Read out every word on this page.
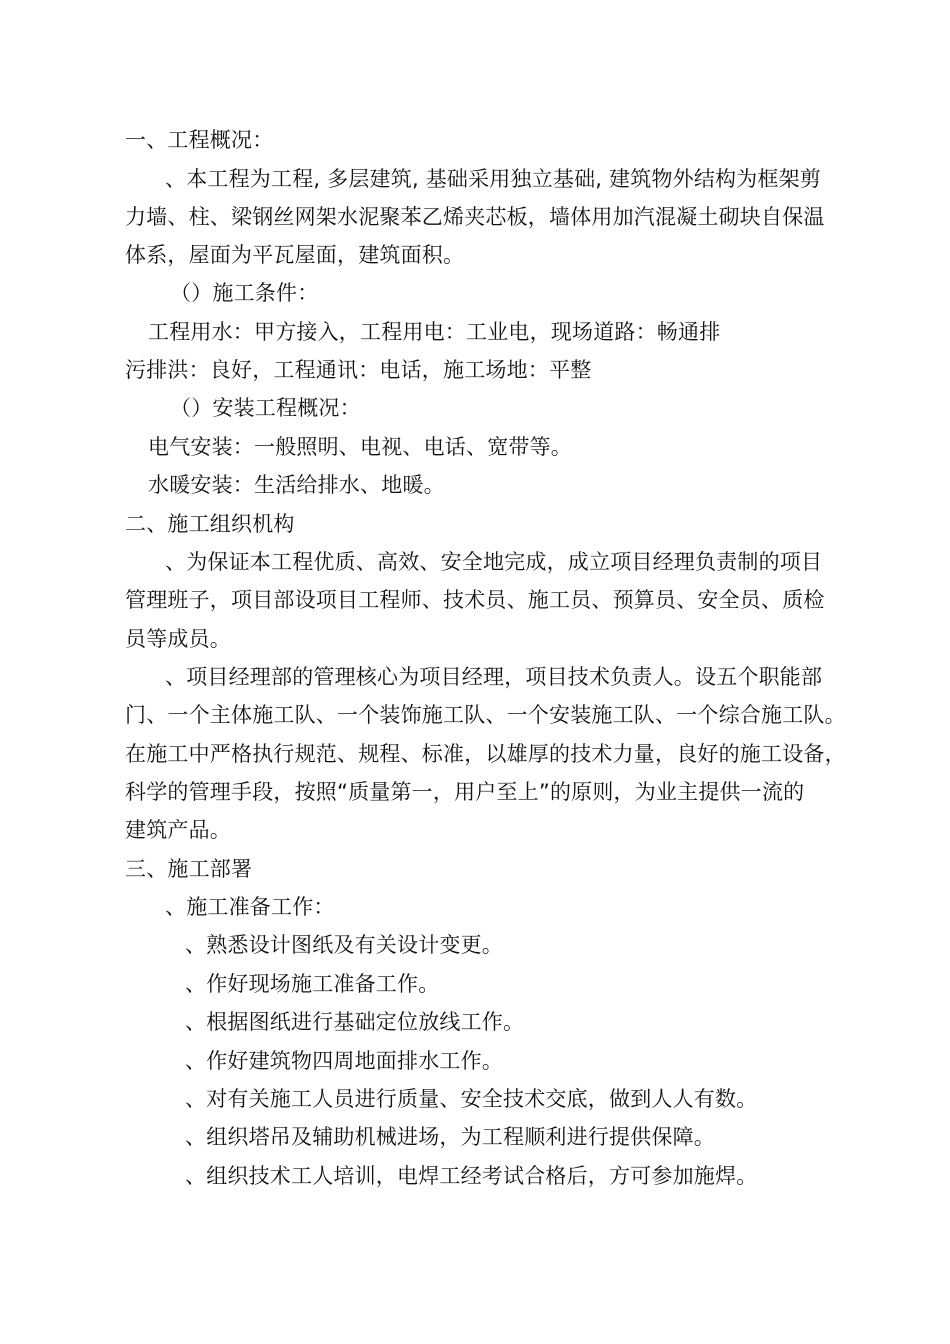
一、工程概况：
、本工程为工程, 多层建筑, 基础采用独立基础, 建筑物外结构为框架剪
力墙、柱、梁钢丝网架水泥聚苯乙烯夹芯板，墙体用加汽混凝土砌块自保温
体系，屋面为平瓦屋面，建筑面积。
（）施工条件：
工程用水：甲方接入，工程用电：工业电，现场道路：畅通排
污排洪：良好，工程通讯：电话，施工场地：平整
（）安装工程概况：
电气安装：一般照明、电视、电话、宽带等。
水暖安装：生活给排水、地暖。
二、施工组织机构
、为保证本工程优质、高效、安全地完成，成立项目经理负责制的项目
管理班子，项目部设项目工程师、技术员、施工员、预算员、安全员、质检
员等成员。
、项目经理部的管理核心为项目经理，项目技术负责人。设五个职能部
门、一个主体施工队、一个装饰施工队、一个安装施工队、一个综合施工队。
在施工中严格执行规范、规程、标准，以雄厚的技术力量，良好的施工设备，
科学的管理手段，按照“质量第一，用户至上”的原则，为业主提供一流的
建筑产品。
三、施工部署
、施工准备工作：
、熟悉设计图纸及有关设计变更。
、作好现场施工准备工作。
、根据图纸进行基础定位放线工作。
、作好建筑物四周地面排水工作。
、对有关施工人员进行质量、安全技术交底，做到人人有数。
、组织塔吊及辅助机械进场，为工程顺利进行提供保障。
、组织技术工人培训，电焊工经考试合格后，方可参加施焊。
